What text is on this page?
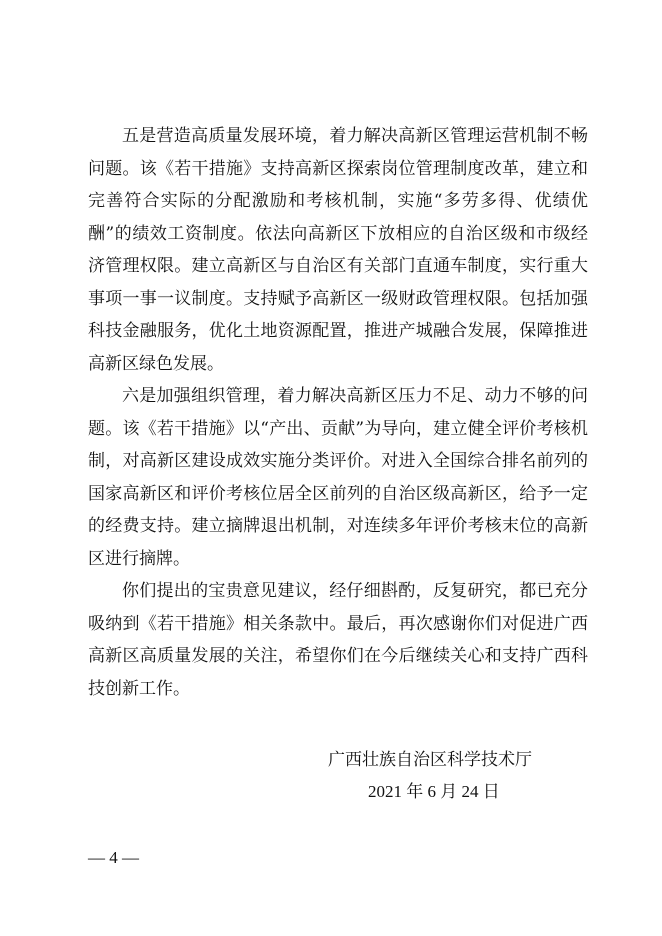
五是营造高质量发展环境，着力解决高新区管理运营机制不畅问题。该《若干措施》支持高新区探索岗位管理制度改革，建立和完善符合实际的分配激励和考核机制，实施“多劳多得、优绩优酬”的绩效工资制度。依法向高新区下放相应的自治区级和市级经济管理权限。建立高新区与自治区有关部门直通车制度，实行重大事项一事一议制度。支持赋予高新区一级财政管理权限。包括加强科技金融服务，优化土地资源配置，推进产城融合发展，保障推进高新区绿色发展。

六是加强组织管理，着力解决高新区压力不足、动力不够的问题。该《若干措施》以“产出、贡献”为导向，建立健全评价考核机制，对高新区建设成效实施分类评价。对进入全国综合排名前列的国家高新区和评价考核位居全区前列的自治区级高新区，给予一定的经费支持。建立摘牌退出机制，对连续多年评价考核末位的高新区进行摘牌。

你们提出的宝贵意见建议，经仔细斟酌，反复研究，都已充分吸纳到《若干措施》相关条款中。最后，再次感谢你们对促进广西高新区高质量发展的关注，希望你们在今后继续关心和支持广西科技创新工作。

广西壮族自治区科学技术厅
2021 年 6 月 24 日
— 4 —
